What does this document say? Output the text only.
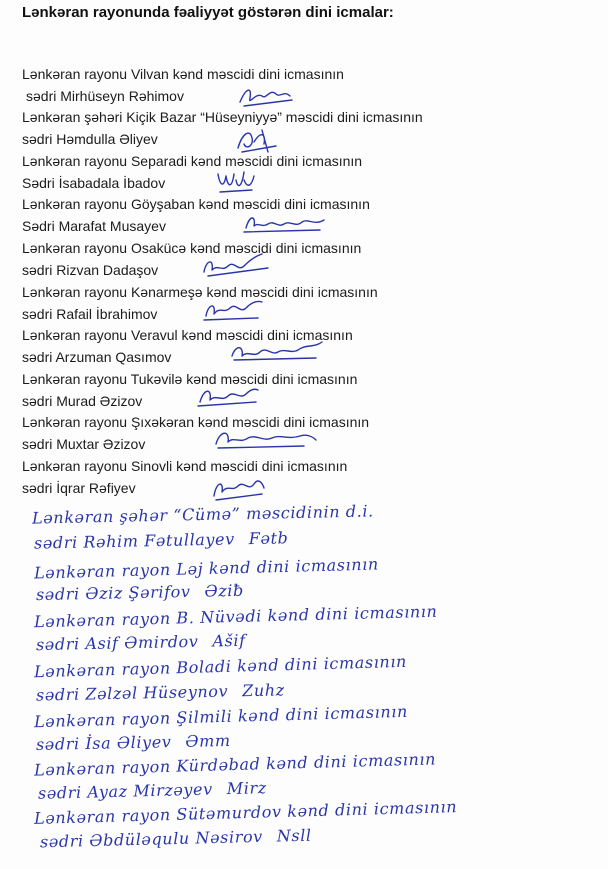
Lənkəran rayonunda fəaliyyət göstərən dini icmalar:
Lənkəran rayonu Vilvan kənd məscidi dini icmasının
sədri Mirhüseyn Rəhimov
Lənkəran şəhəri Kiçik Bazar “Hüseyniyyə” məscidi dini icmasının
sədri Həmdulla Əliyev
Lənkəran rayonu Separadi kənd məscidi dini icmasının
Sədri İsabadala İbadov
Lənkəran rayonu Göyşaban kənd məscidi dini icmasının
Sədri Marafat Musayev
Lənkəran rayonu Osakücə kənd məscidi dini icmasının
sədri Rizvan Dadaşov
Lənkəran rayonu Kənarmeşə kənd məscidi dini icmasının
sədri Rafail İbrahimov
Lənkəran rayonu Veravul kənd məscidi dini icmasının
sədri Arzuman Qasımov
Lənkəran rayonu Tukəvilə kənd məscidi dini icmasının
sədri Murad Əzizov
Lənkəran rayonu Şıxəkəran kənd məscidi dini icmasının
sədri Muxtar Əzizov
Lənkəran rayonu Sinovli kənd məscidi dini icmasının
sədri İqrar Rəfiyev
Lənkəran şəhər “Cümə” məscidinin d.i.
sədri Rəhim Fətullayev Fətb
Lənkəran rayon Ləj kənd dini icmasının
sədri Əziz Şərifov Əziƀ
Lənkəran rayon B. Nüvədi kənd dini icmasının
sədri Asif Əmirdov Ašif
Lənkəran rayon Boladi kənd dini icmasının
sədri Zəlzəl Hüseynov Zuhz
Lənkəran rayon Şilmili kənd dini icmasının
sədri İsa Əliyev Əmm
Lənkəran rayon Kürdəbad kənd dini icmasının
sədri Ayaz Mirzəyev Mirz
Lənkəran rayon Sütəmurdov kənd dini icmasının
sədri Əbdüləqulu Nəsirov Nsll
